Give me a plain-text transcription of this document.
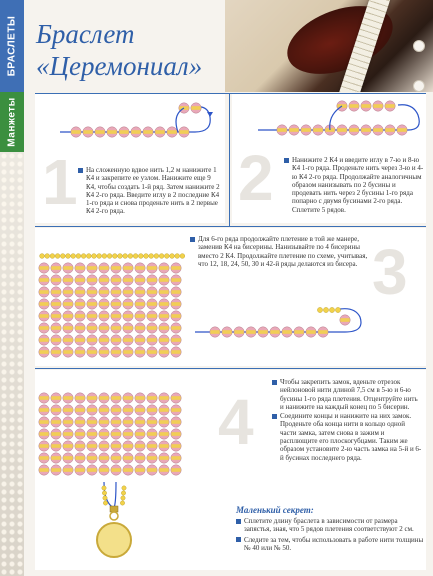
БРАСЛЕТЫ
Манжеты
Браслет
«Церемониал»
1	2
3
4

На сложенную вдвое нить 1,2 м нанижите 1 К4 и закрепите ее узлом. Нанижите еще 9 К4, чтобы создать 1-й ряд. Затем нанижите 2 К4 2-го ряда. Введите иглу в 2 последние К4 1-го ряда и снова проденьте нить в 2 первые К4 2-го ряда.

Нанижите 2 К4 и введите иглу в 7-ю и 8-ю К4 1-го ряда. Проденьте нить через 3-ю и 4-ю К4 2-го ряда. Продолжайте аналогичным образом нанизывать по 2 бусины и продевать нить через 2 бусины 1-го ряда попарно с двумя бусинами 2-го ряда. Сплетите 5 рядов.

Для 6-го ряда продолжайте плетение в той же манере, заменив К4 на бисерины. Нанизывайте по 4 бисерины вместо 2 К4. Продолжайте плетение по схеме, учитывая, что 12, 18, 24, 50, 30 и 42-й ряды делаются из бисера.

Чтобы закрепить замок, вденьте отрезок нейлоновой нити длиной 7,5 см в 5-ю и 6-ю бусины 1-го ряда плетения. Отцентруйте нить и нанижите на каждый конец по 5 бисерин.

Соедините концы и нанижите на них замок. Проденьте оба конца нити в кольцо одной части замка, затем снова в зажим и расплющите его плоскогубцами. Таким же образом установите 2-ю часть замка на 5-й и 6-й бусинах последнего ряда.

Маленький секрет:

Сплетите длину браслета в зависимости от размера запястья, зная, что 5 рядов плетения соответствуют 2 см.

Следите за тем, чтобы использовать в работе нити толщины № 40 или № 50.
